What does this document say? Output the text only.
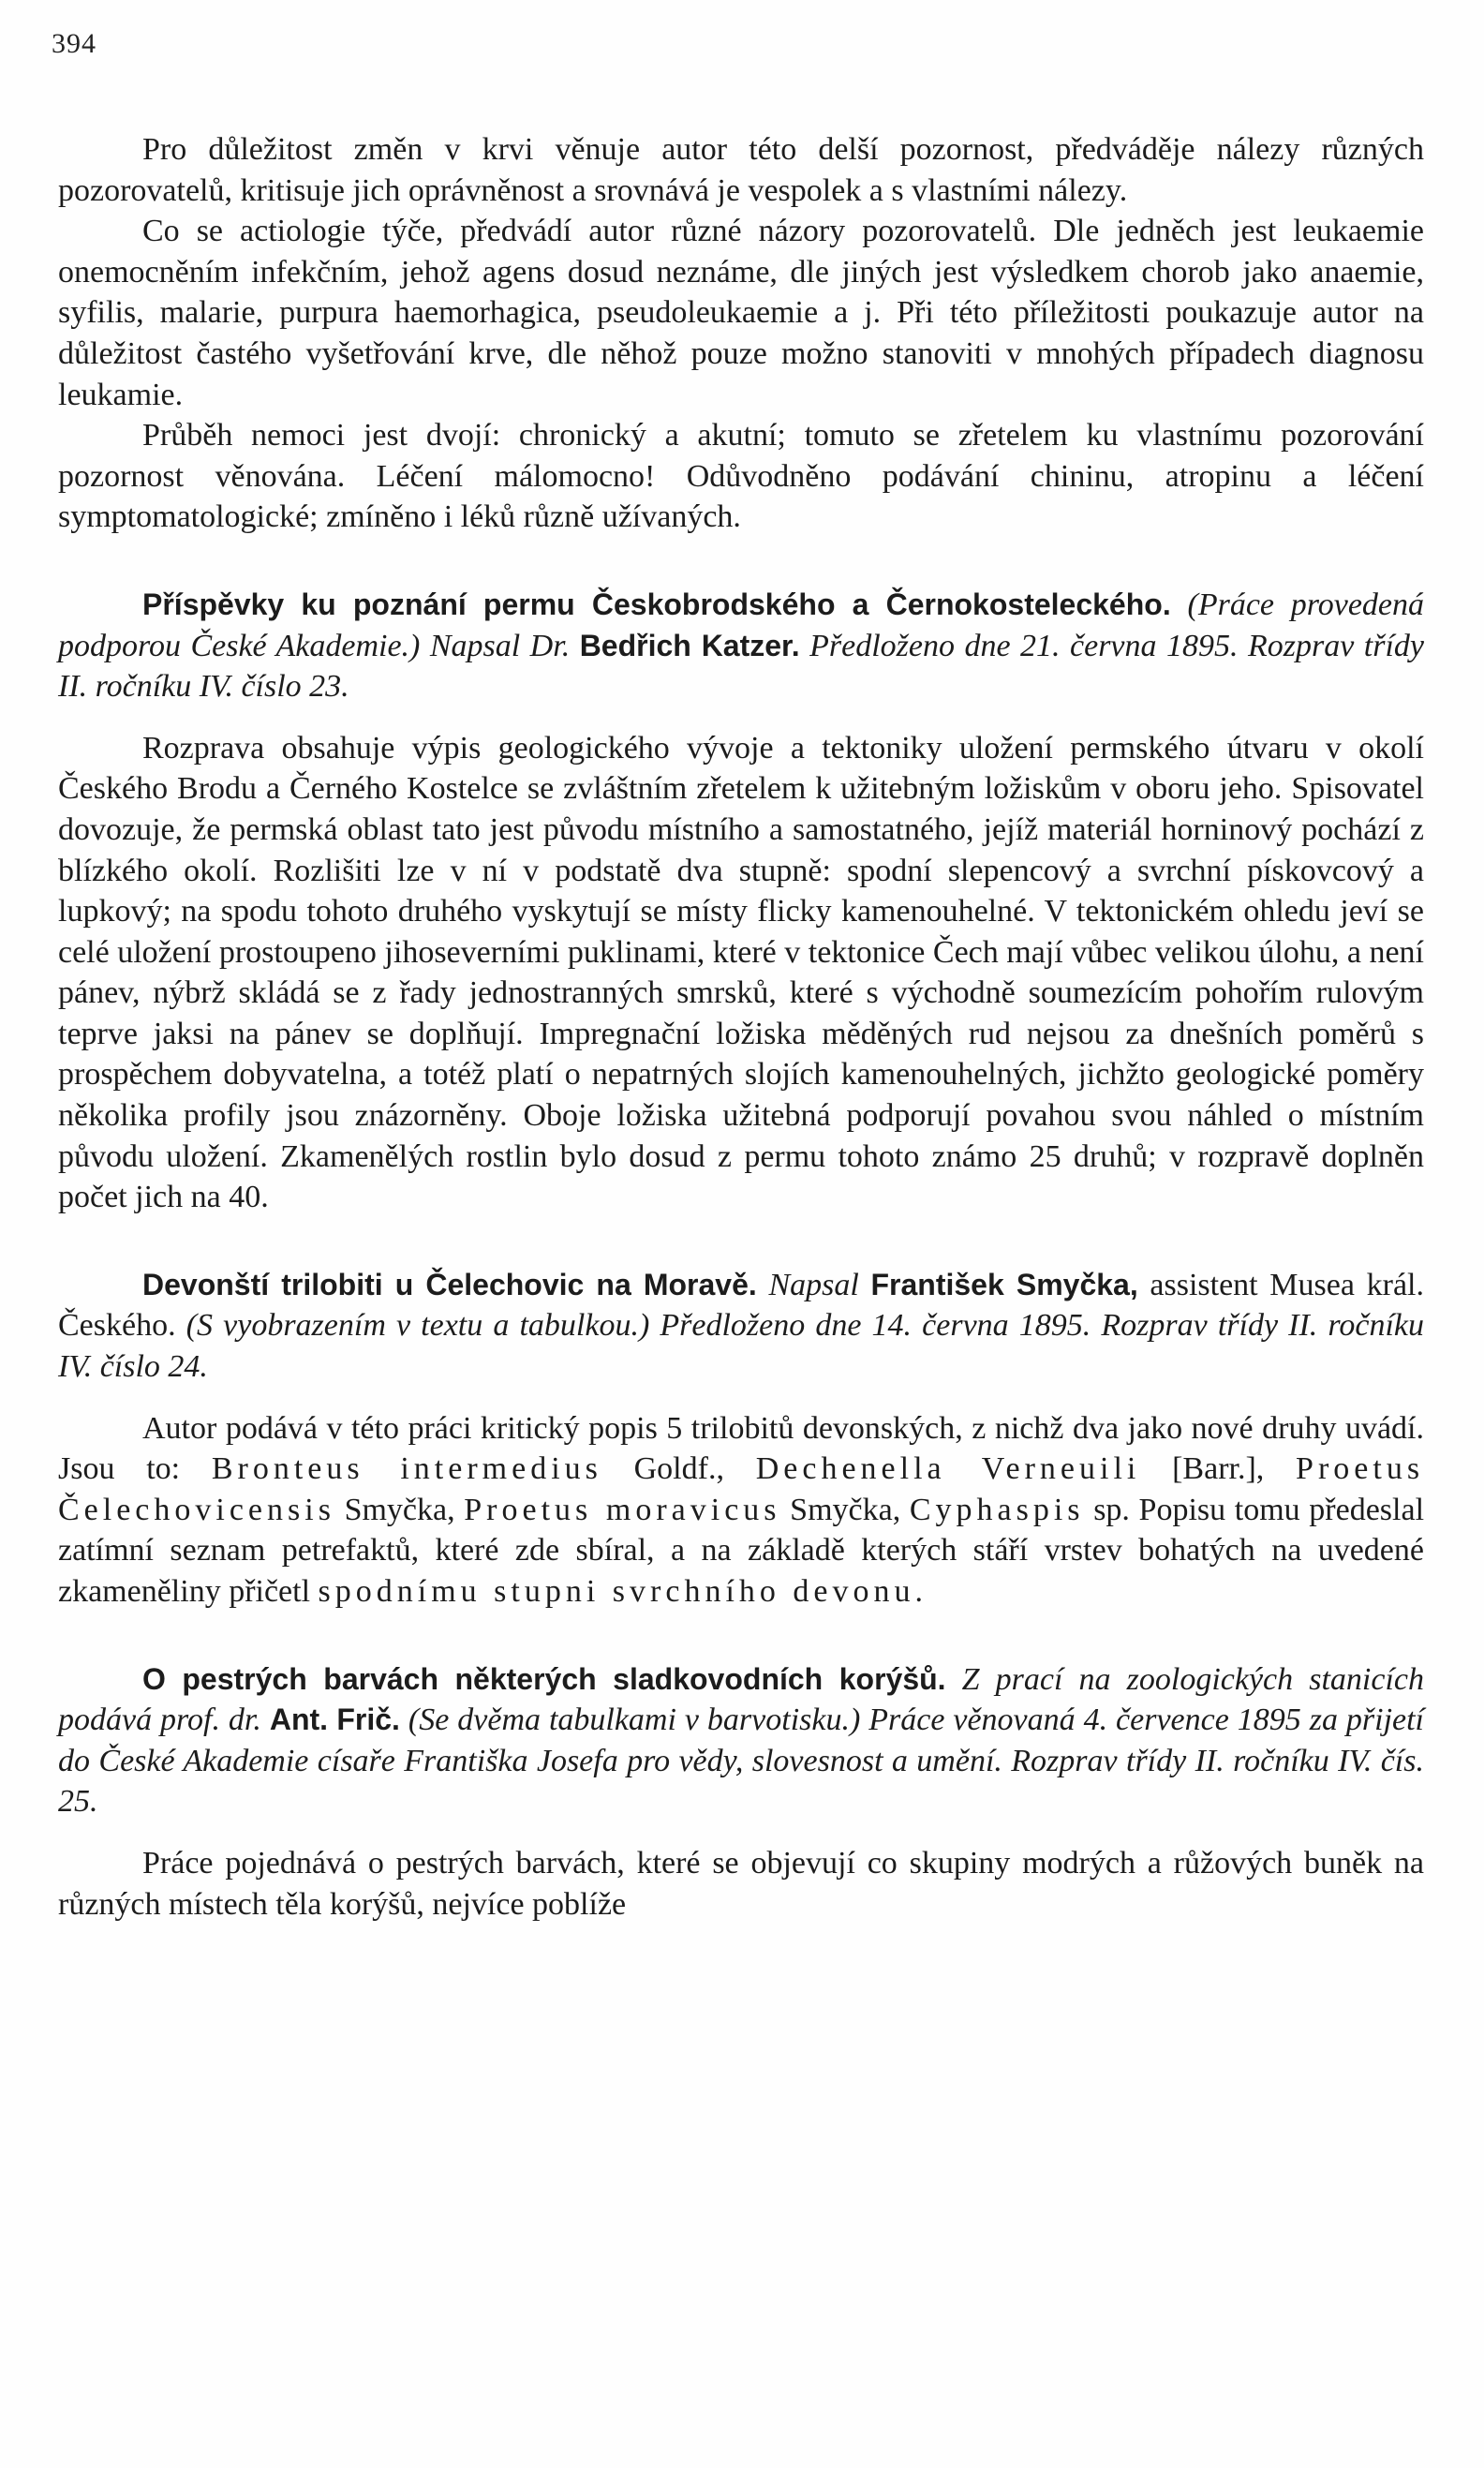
394

Pro důležitost změn v krvi věnuje autor této delší pozornost, předváděje nálezy různých pozorovatelů, kritisuje jich oprávněnost a srovnává je vespolek a s vlastními nálezy.

Co se actiologie týče, předvádí autor různé názory pozorovatelů. Dle jedněch jest leukaemie onemocněním infekčním, jehož agens dosud neznáme, dle jiných jest výsledkem chorob jako anaemie, syfilis, malarie, purpura haemorhagica, pseudoleukaemie a j. Při této příležitosti poukazuje autor na důležitost častého vyšetřování krve, dle něhož pouze možno stanoviti v mnohých případech diagnosu leukamie.

Průběh nemoci jest dvojí: chronický a akutní; tomuto se zřetelem ku vlastnímu pozorování pozornost věnována. Léčení málomocno! Odůvodněno podávání chininu, atropinu a léčení symptomatologické; zmíněno i léků různě užívaných.

Příspěvky ku poznání permu Českobrodského a Černokosteleckého. (Práce provedená podporou České Akademie.) Napsal Dr. Bedřich Katzer. Předloženo dne 21. června 1895. Rozprav třídy II. ročníku IV. číslo 23.

Rozprava obsahuje výpis geologického vývoje a tektoniky uložení permského útvaru v okolí Českého Brodu a Černého Kostelce se zvláštním zřetelem k užitebným ložiskům v oboru jeho. Spisovatel dovozuje, že permská oblast tato jest původu místního a samostatného, jejíž materiál horninový pochází z blízkého okolí. Rozlišiti lze v ní v podstatě dva stupně: spodní slepencový a svrchní pískovcový a lupkový; na spodu tohoto druhého vyskytují se místy flicky kamenouhelné. V tektonickém ohledu jeví se celé uložení prostoupeno jihoseverními puklinami, které v tektonice Čech mají vůbec velikou úlohu, a není pánev, nýbrž skládá se z řady jednostranných smrsků, které s východně soumezícím pohořím rulovým teprve jaksi na pánev se doplňují. Impregnační ložiska měděných rud nejsou za dnešních poměrů s prospěchem dobyvatelna, a totéž platí o nepatrných slojích kamenouhelných, jichžto geologické poměry několika profily jsou znázorněny. Oboje ložiska užitebná podporují povahou svou náhled o místním původu uložení. Zkamenělých rostlin bylo dosud z permu tohoto známo 25 druhů; v rozpravě doplněn počet jich na 40.

Devonští trilobiti u Čelechovic na Moravě. Napsal František Smyčka, assistent Musea král. Českého. (S vyobrazením v textu a tabulkou.) Předloženo dne 14. června 1895. Rozprav třídy II. ročníku IV. číslo 24.

Autor podává v této práci kritický popis 5 trilobitů devonských, z nichž dva jako nové druhy uvádí. Jsou to: Bronteus intermedius Goldf., Dechenella Verneuili [Barr.], Proetus Čelechovicensis Smyčka, Proetus moravicus Smyčka, Cyphaspis sp. Popisu tomu předeslal zatímní seznam petrefaktů, které zde sbíral, a na základě kterých stáří vrstev bohatých na uvedené zkameněliny přičetl spodnímu stupni svrchního devonu.

O pestrých barvách některých sladkovodních korýšů. Z prací na zoologických stanicích podává prof. dr. Ant. Frič. (Se dvěma tabulkami v barvotisku.) Práce věnovaná 4. července 1895 za přijetí do České Akademie císaře Františka Josefa pro vědy, slovesnost a umění. Rozprav třídy II. ročníku IV. čís. 25.

Práce pojednává o pestrých barvách, které se objevují co skupiny modrých a růžových buněk na různých místech těla korýšů, nejvíce poblíže
